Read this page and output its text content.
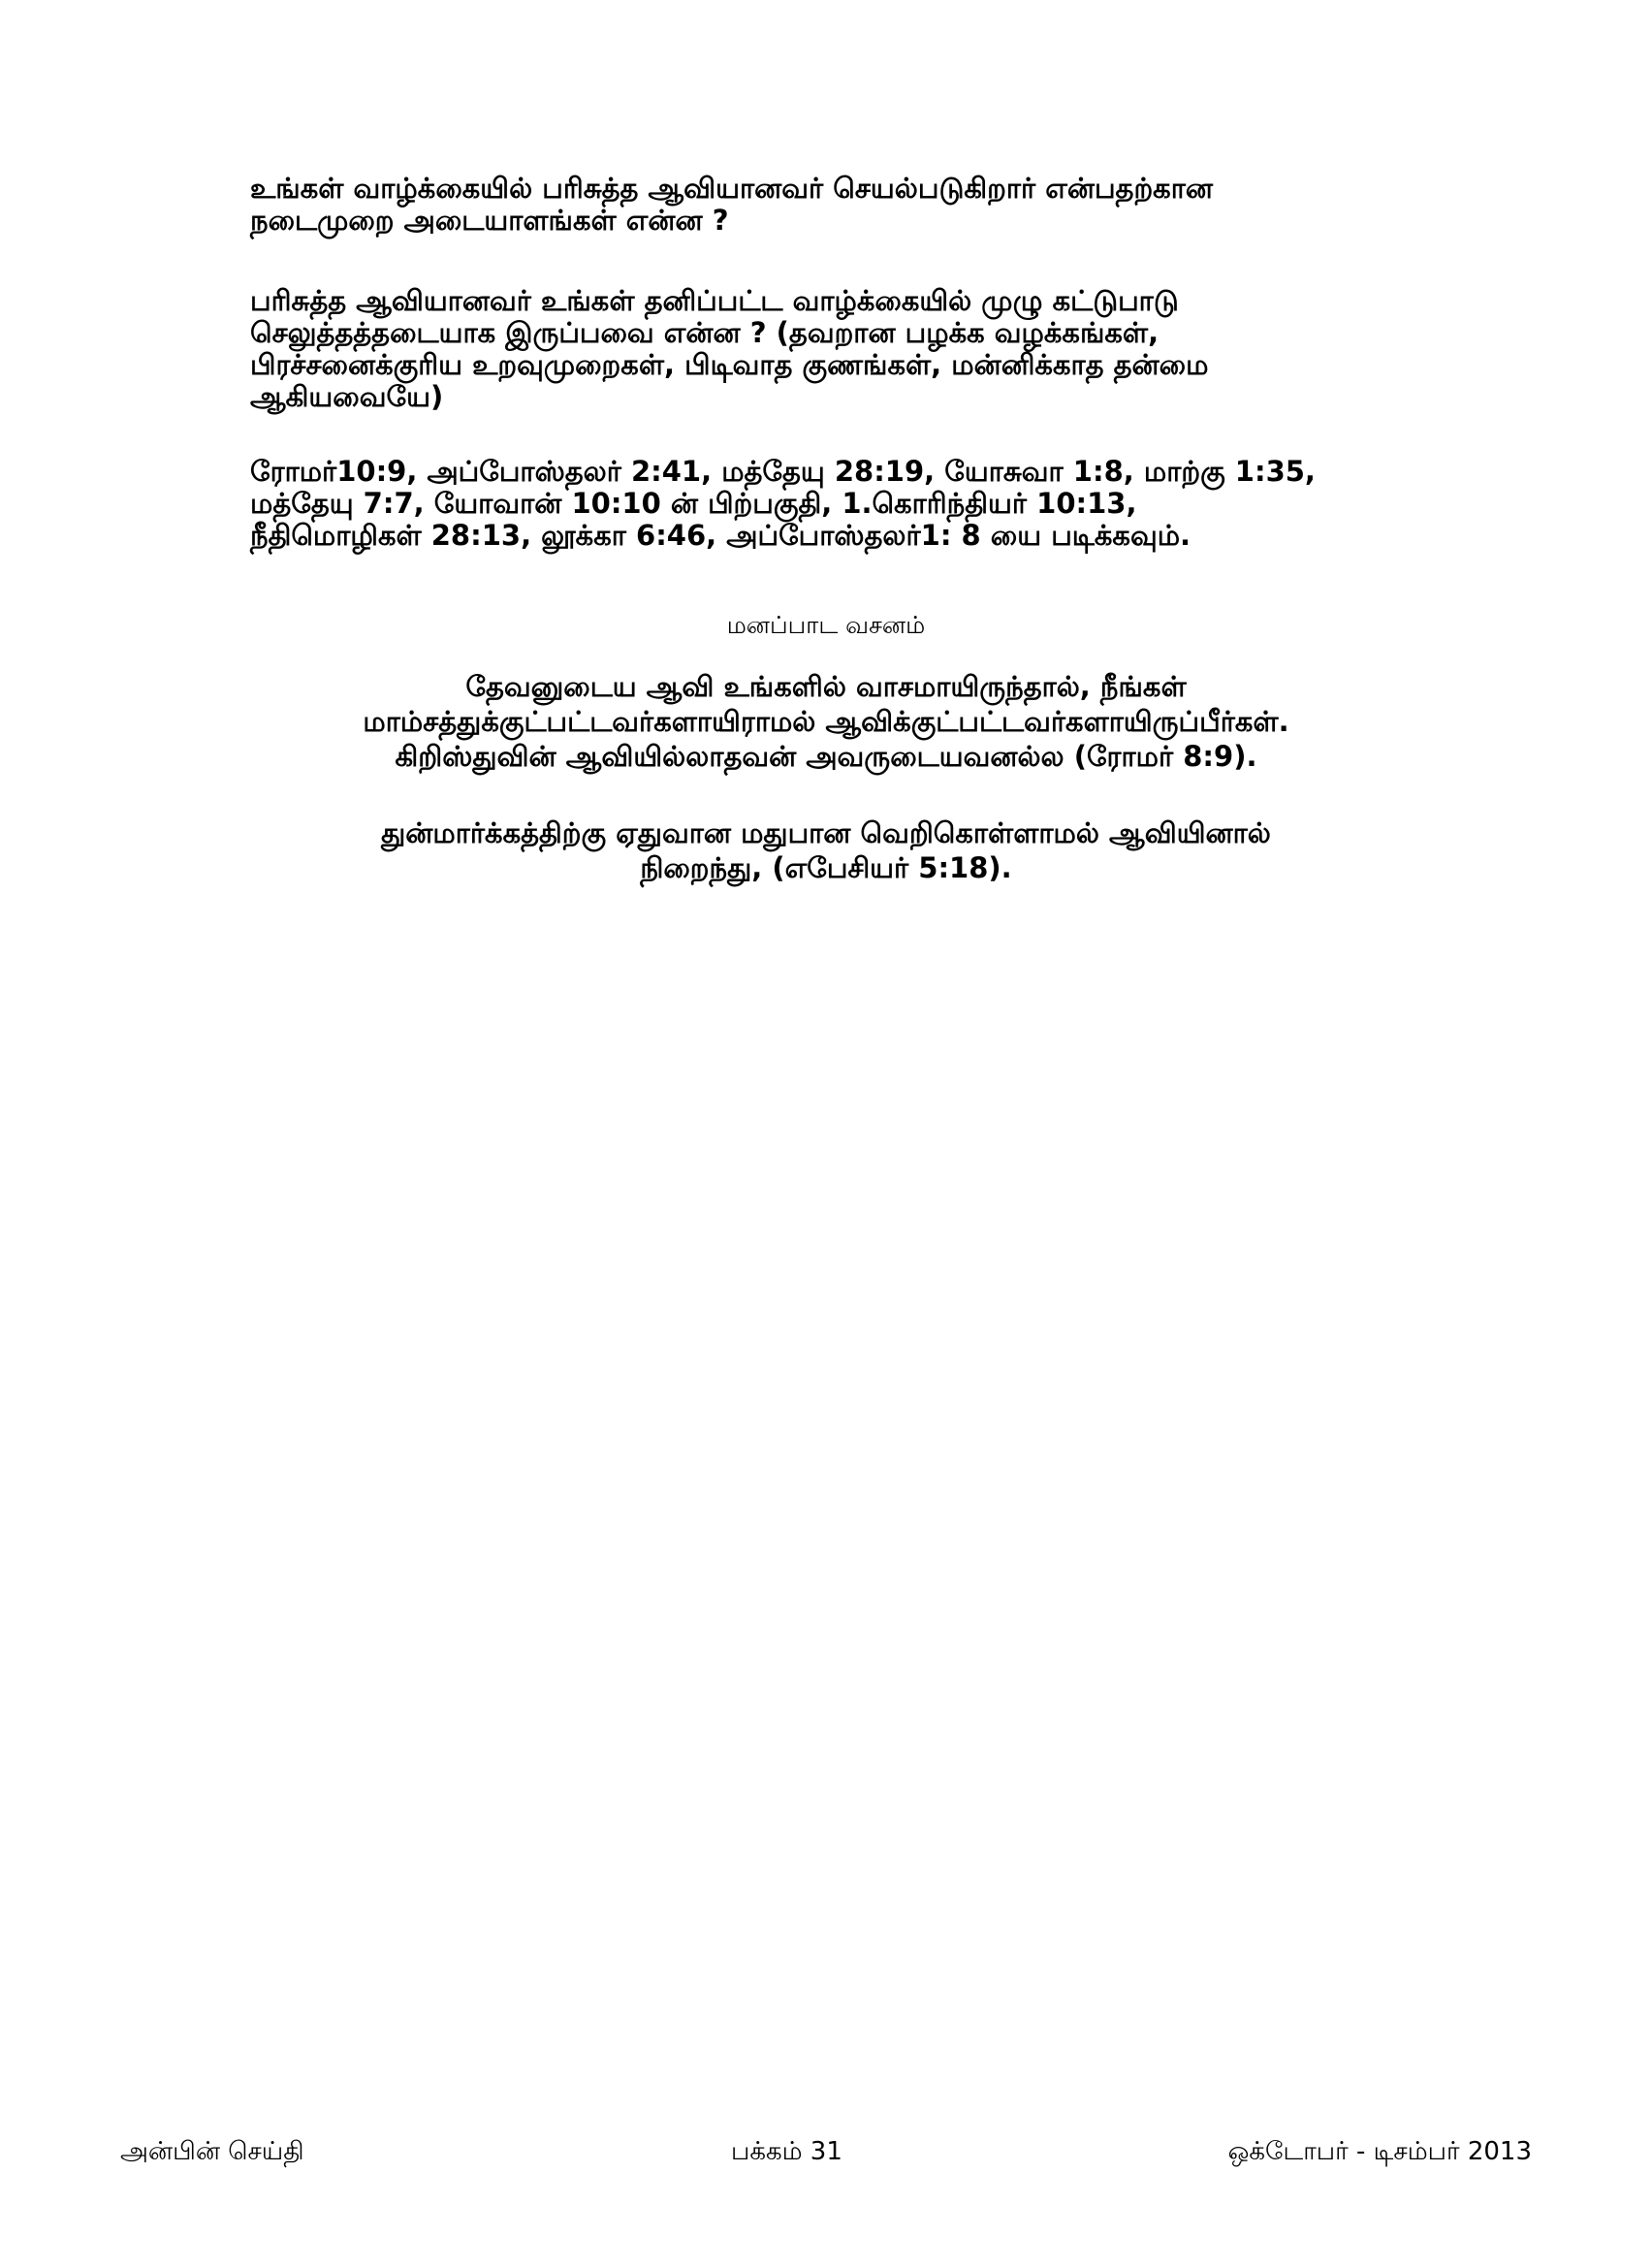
உங்கள் வாழ்க்கையில் பரிசுத்த ஆவியானவர் செயல்படுகிறார் என்பதற்கான
நடைமுறை அடையாளங்கள் என்ன ?
பரிசுத்த ஆவியானவர் உங்கள் தனிப்பட்ட வாழ்க்கையில் முழு கட்டுபாடு
செலுத்தத்தடையாக இருப்பவை என்ன ? (தவறான பழக்க வழக்கங்கள்,
பிரச்சனைக்குரிய உறவுமுறைகள், பிடிவாத குணங்கள், மன்னிக்காத தன்மை
ஆகியவையே)
ரோமர்10:9, அப்போஸ்தலர் 2:41, மத்தேயு 28:19, யோசுவா 1:8, மாற்கு 1:35,
மத்தேயு 7:7, யோவான் 10:10 ன் பிற்பகுதி, 1.கொரிந்தியர் 10:13,
நீதிமொழிகள் 28:13, லூக்கா 6:46, அப்போஸ்தலர்1: 8 யை படிக்கவும்.
மனப்பாட வசனம்
தேவனுடைய ஆவி உங்களில் வாசமாயிருந்தால், நீங்கள்
மாம்சத்துக்குட்பட்டவர்களாயிராமல் ஆவிக்குட்பட்டவர்களாயிருப்பீர்கள்.
கிறிஸ்துவின் ஆவியில்லாதவன் அவருடையவனல்ல (ரோமர் 8:9).
துன்மார்க்கத்திற்கு ஏதுவான மதுபான வெறிகொள்ளாமல் ஆவியினால்
நிறைந்து, (எபேசியர் 5:18).
அன்பின் செய்தி	பக்கம் 31	ஒக்டோபர் - டிசம்பர் 2013
